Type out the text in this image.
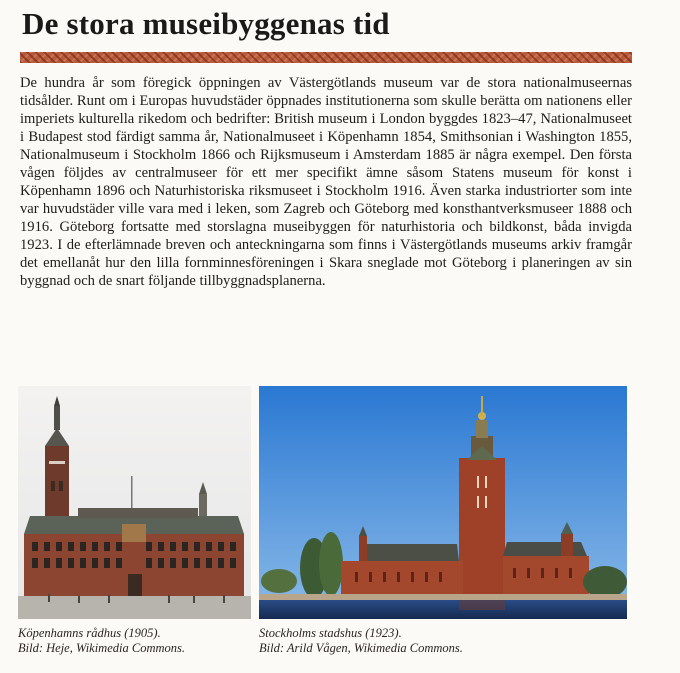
De stora museibyggenas tid

De hundra år som föregick öppningen av Västergötlands museum var de stora nationalmuseernas tidsålder. Runt om i Europas huvudstäder öppnades institutionerna som skulle berätta om nationens eller imperiets kulturella rikedom och bedrifter: British museum i London byggdes 1823–47, Nationalmuseet i Budapest stod färdigt samma år, Nationalmuseet i Köpenhamn 1854, Smithsonian i Washington 1855, Nationalmuseum i Stockholm 1866 och Rijksmuseum i Amsterdam 1885 är några exempel. Den första vågen följdes av centralmuseer för ett mer specifikt ämne såsom Statens museum för konst i Köpenhamn 1896 och Naturhistoriska riksmuseet i Stockholm 1916. Även starka industriorter som inte var huvudstäder ville vara med i leken, som Zagreb och Göteborg med konsthantverksmuseer 1888 och 1916. Göteborg fortsatte med storslagna museibyggen för naturhistoria och bildkonst, båda invigda 1923. I de efterlämnade breven och anteckningarna som finns i Västergötlands museums arkiv framgår det emellanåt hur den lilla fornminnesföreningen i Skara sneglade mot Göteborg i planeringen av sin byggnad och de snart följande tillbyggnadsplanerna.

Köpenhamns rådhus (1905).
Bild: Heje, Wikimedia Commons.
Stockholms stadshus (1923).
Bild: Arild Vågen, Wikimedia Commons.
